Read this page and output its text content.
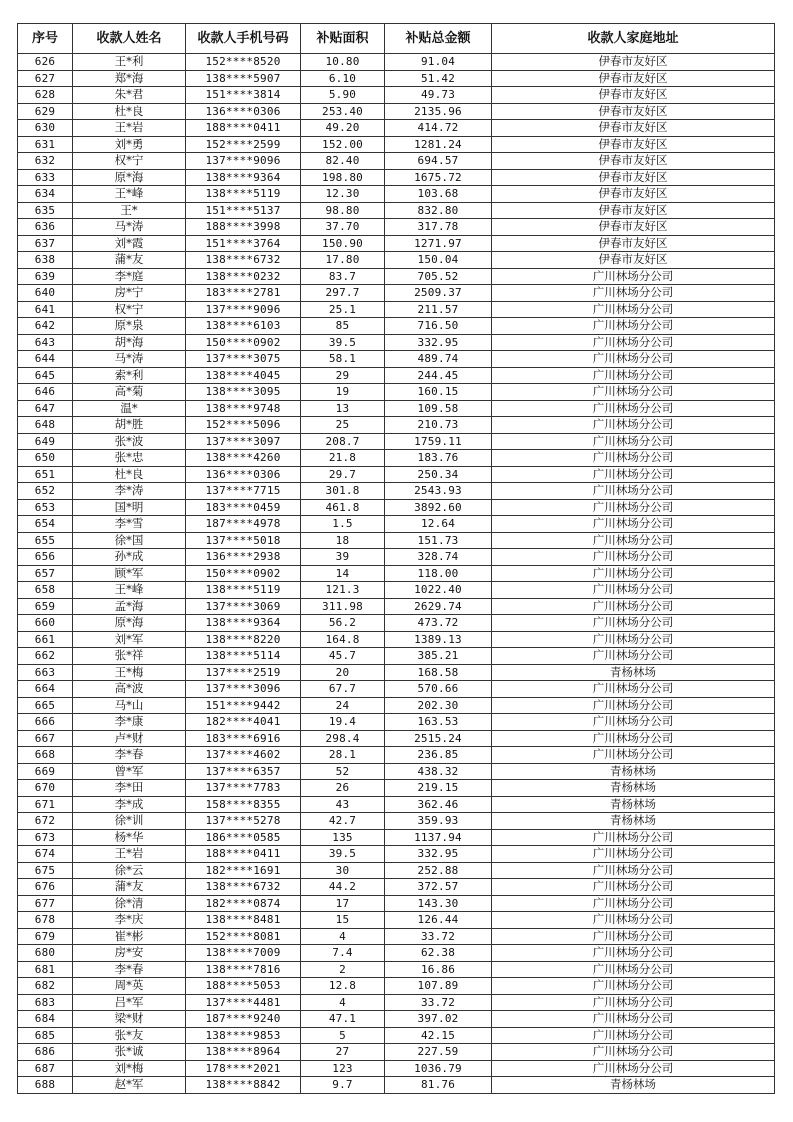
序号	收款人姓名	收款人手机号码	补贴面积	补贴总金额	收款人家庭地址
626	王*利	152****8520	10.80	91.04	伊春市友好区
627	郑*海	138****5907	6.10	51.42	伊春市友好区
628	朱*君	151****3814	5.90	49.73	伊春市友好区
629	杜*良	136****0306	253.40	2135.96	伊春市友好区
630	王*岩	188****0411	49.20	414.72	伊春市友好区
631	刘*勇	152****2599	152.00	1281.24	伊春市友好区
632	权*宁	137****9096	82.40	694.57	伊春市友好区
633	原*海	138****9364	198.80	1675.72	伊春市友好区
634	王*峰	138****5119	12.30	103.68	伊春市友好区
635	王*	151****5137	98.80	832.80	伊春市友好区
636	马*涛	188****3998	37.70	317.78	伊春市友好区
637	刘*霞	151****3764	150.90	1271.97	伊春市友好区
638	蒲*友	138****6732	17.80	150.04	伊春市友好区
639	李*庭	138****0232	83.7	705.52	广川林场分公司
640	房*宁	183****2781	297.7	2509.37	广川林场分公司
641	权*宁	137****9096	25.1	211.57	广川林场分公司
642	原*泉	138****6103	85	716.50	广川林场分公司
643	胡*海	150****0902	39.5	332.95	广川林场分公司
644	马*涛	137****3075	58.1	489.74	广川林场分公司
645	索*利	138****4045	29	244.45	广川林场分公司
646	高*菊	138****3095	19	160.15	广川林场分公司
647	温*	138****9748	13	109.58	广川林场分公司
648	胡*胜	152****5096	25	210.73	广川林场分公司
649	张*波	137****3097	208.7	1759.11	广川林场分公司
650	张*忠	138****4260	21.8	183.76	广川林场分公司
651	杜*良	136****0306	29.7	250.34	广川林场分公司
652	李*涛	137****7715	301.8	2543.93	广川林场分公司
653	国*明	183****0459	461.8	3892.60	广川林场分公司
654	李*雪	187****4978	1.5	12.64	广川林场分公司
655	徐*国	137****5018	18	151.73	广川林场分公司
656	孙*成	136****2938	39	328.74	广川林场分公司
657	顾*军	150****0902	14	118.00	广川林场分公司
658	王*峰	138****5119	121.3	1022.40	广川林场分公司
659	孟*海	137****3069	311.98	2629.74	广川林场分公司
660	原*海	138****9364	56.2	473.72	广川林场分公司
661	刘*军	138****8220	164.8	1389.13	广川林场分公司
662	张*祥	138****5114	45.7	385.21	广川林场分公司
663	王*梅	137****2519	20	168.58	青杨林场
664	高*波	137****3096	67.7	570.66	广川林场分公司
665	马*山	151****9442	24	202.30	广川林场分公司
666	李*康	182****4041	19.4	163.53	广川林场分公司
667	卢*财	183****6916	298.4	2515.24	广川林场分公司
668	李*春	137****4602	28.1	236.85	广川林场分公司
669	曾*军	137****6357	52	438.32	青杨林场
670	李*田	137****7783	26	219.15	青杨林场
671	李*成	158****8355	43	362.46	青杨林场
672	徐*训	137****5278	42.7	359.93	青杨林场
673	杨*华	186****0585	135	1137.94	广川林场分公司
674	王*岩	188****0411	39.5	332.95	广川林场分公司
675	徐*云	182****1691	30	252.88	广川林场分公司
676	蒲*友	138****6732	44.2	372.57	广川林场分公司
677	徐*清	182****0874	17	143.30	广川林场分公司
678	李*庆	138****8481	15	126.44	广川林场分公司
679	崔*彬	152****8081	4	33.72	广川林场分公司
680	房*安	138****7009	7.4	62.38	广川林场分公司
681	李*春	138****7816	2	16.86	广川林场分公司
682	周*英	188****5053	12.8	107.89	广川林场分公司
683	吕*军	137****4481	4	33.72	广川林场分公司
684	梁*财	187****9240	47.1	397.02	广川林场分公司
685	张*友	138****9853	5	42.15	广川林场分公司
686	张*诚	138****8964	27	227.59	广川林场分公司
687	刘*梅	178****2021	123	1036.79	广川林场分公司
688	赵*军	138****8842	9.7	81.76	青杨林场
